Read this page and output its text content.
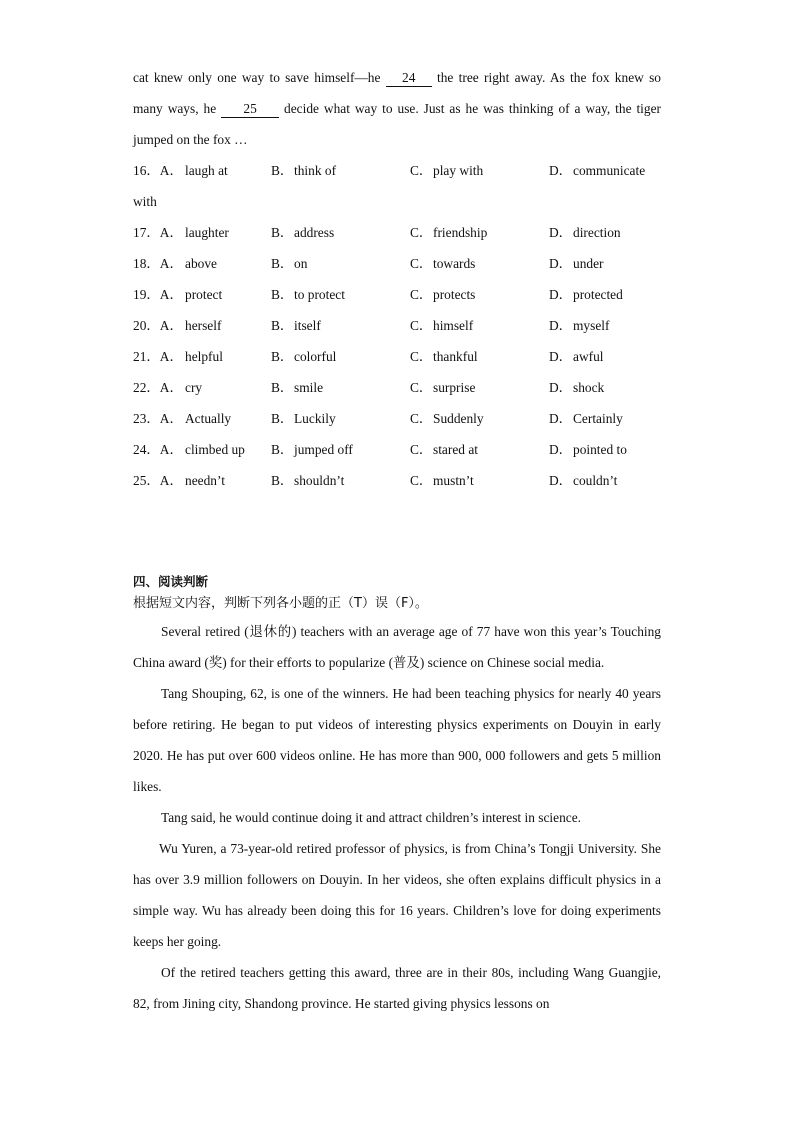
cat knew only one way to save himself—he 24 the tree right away. As the fox knew so many ways, he 25 decide what way to use. Just as he was thinking of a way, the tiger jumped on the fox …

16．A． laugh at	B． think of	C． play with	D． communicate
with
17．A． laughter	B． address	C． friendship	D． direction
18．A． above	B． on	C． towards	D． under
19．A． protect	B． to protect	C． protects	D． protected
20．A． herself	B． itself	C． himself	D． myself
21．A． helpful	B． colorful	C． thankful	D． awful
22．A． cry	B． smile	C． surprise	D． shock
23．A． Actually	B． Luckily	C． Suddenly	D． Certainly
24．A． climbed up B． jumped off	C． stared at	D． pointed to
25．A． needn’t	B． shouldn’t	C． mustn’t	D． couldn’t
四、阅读判断
根据短文内容，判断下列各小题的正（T）误（F）。

Several retired (退休的) teachers with an average age of 77 have won this year’s Touching China award (奖) for their efforts to popularize (普及) science on Chinese social media.

Tang Shouping, 62, is one of the winners. He had been teaching physics for nearly 40 years before retiring. He began to put videos of interesting physics experiments on Douyin in early 2020. He has put over 600 videos online. He has more than 900, 000 followers and gets 5 million likes.

Tang said, he would continue doing it and attract children’s interest in science.

Wu Yuren, a 73-year-old retired professor of physics, is from China’s Tongji University. She has over 3.9 million followers on Douyin. In her videos, she often explains difficult physics in a simple way. Wu has already been doing this for 16 years. Children’s love for doing experiments keeps her going.

Of the retired teachers getting this award, three are in their 80s, including Wang Guangjie, 82, from Jining city, Shandong province. He started giving physics lessons on
